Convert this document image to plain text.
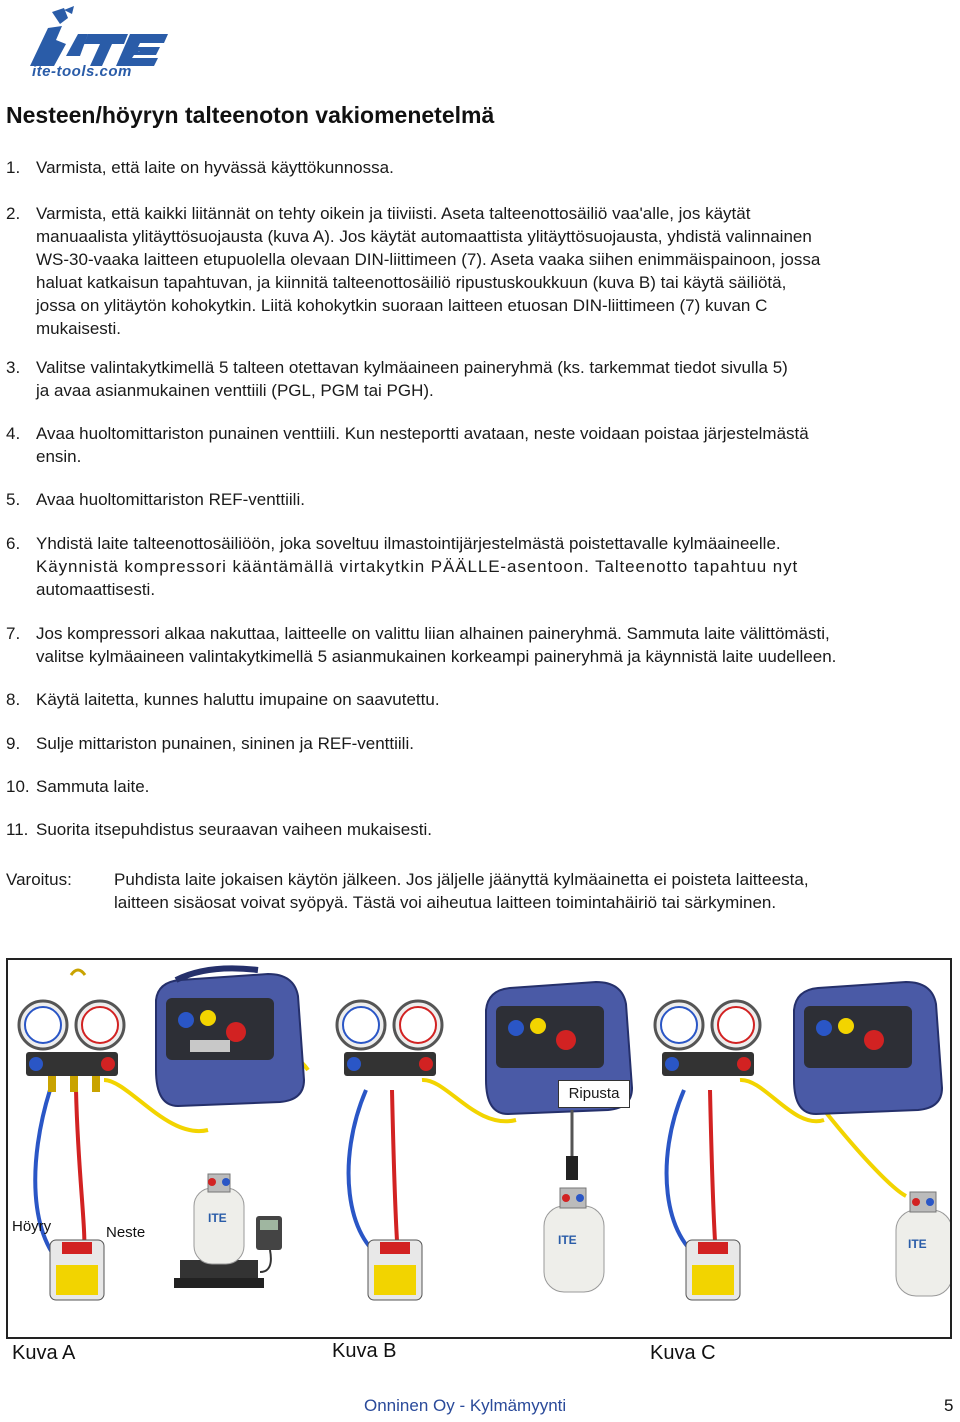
ITE
ite-tools.com
Nesteen/höyryn talteenoton vakiomenetelmä
1. Varmista, että laite on hyvässä käyttökunnossa.
2. Varmista, että kaikki liitännät on tehty oikein ja tiiviisti. Aseta talteenottosäiliö vaa'alle, jos käytät
manuaalista ylitäyttösuojausta (kuva A). Jos käytät automaattista ylitäyttösuojausta, yhdistä valinnainen
WS-30-vaaka laitteen etupuolella olevaan DIN-liittimeen (7). Aseta vaaka siihen enimmäispainoon, jossa
haluat katkaisun tapahtuvan, ja kiinnitä talteenottosäiliö ripustuskoukkuun (kuva B) tai käytä säiliötä,
jossa on ylitäytön kohokytkin. Liitä kohokytkin suoraan laitteen etuosan DIN-liittimeen (7) kuvan C
mukaisesti.
3. Valitse valintakytkimellä 5 talteen otettavan kylmäaineen paineryhmä (ks. tarkemmat tiedot sivulla 5)
ja avaa asianmukainen venttiili (PGL, PGM tai PGH).
4. Avaa huoltomittariston punainen venttiili. Kun nesteportti avataan, neste voidaan poistaa järjestelmästä
ensin.
5. Avaa huoltomittariston REF-venttiili.
6. Yhdistä laite talteenottosäiliöön, joka soveltuu ilmastointijärjestelmästä poistettavalle kylmäaineelle.
Käynnistä kompressori kääntämällä virtakytkin PÄÄLLE-asentoon. Talteenotto tapahtuu nyt
automaattisesti.
7. Jos kompressori alkaa nakuttaa, laitteelle on valittu liian alhainen paineryhmä. Sammuta laite välittömästi,
valitse kylmäaineen valintakytkimellä 5 asianmukainen korkeampi paineryhmä ja käynnistä laite uudelleen.
8. Käytä laitetta, kunnes haluttu imupaine on saavutettu.
9. Sulje mittariston punainen, sininen ja REF-venttiili.
10. Sammuta laite.
11. Suorita itsepuhdistus seuraavan vaiheen mukaisesti.
Varoitus: Puhdista laite jokaisen käytön jälkeen. Jos jäljelle jäänyttä kylmäainetta ei poisteta laitteesta,
laitteen sisäosat voivat syöpyä. Tästä voi aiheutua laitteen toimintahäiriö tai särkyminen.
ITE
ITE	ITE
Höyry	Neste
Ripusta
Kuva A	Kuva B	Kuva C
Onninen Oy - Kylmämyynti	5
